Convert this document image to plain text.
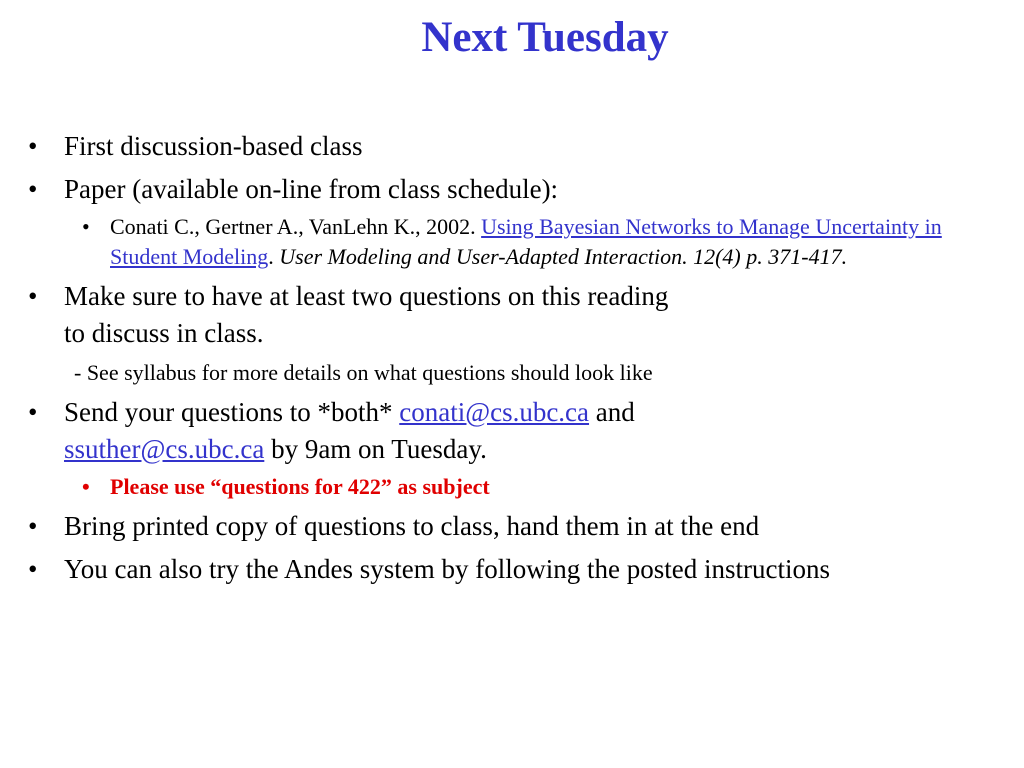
Next Tuesday
• First discussion-based class
• Paper (available on-line from class schedule):
• Conati C., Gertner A., VanLehn K., 2002. Using Bayesian Networks to Manage Uncertainty in Student Modeling. User Modeling and User-Adapted Interaction. 12(4) p. 371-417.
• Make sure to have at least two questions on this reading
to discuss in class.
- See syllabus for more details on what questions should look like
• Send your questions to *both* conati@cs.ubc.ca and
ssuther@cs.ubc.ca by 9am on Tuesday.
• Please use “questions for 422” as subject
• Bring printed copy of questions to class, hand them in at the end
• You can also try the Andes system by following the posted instructions
